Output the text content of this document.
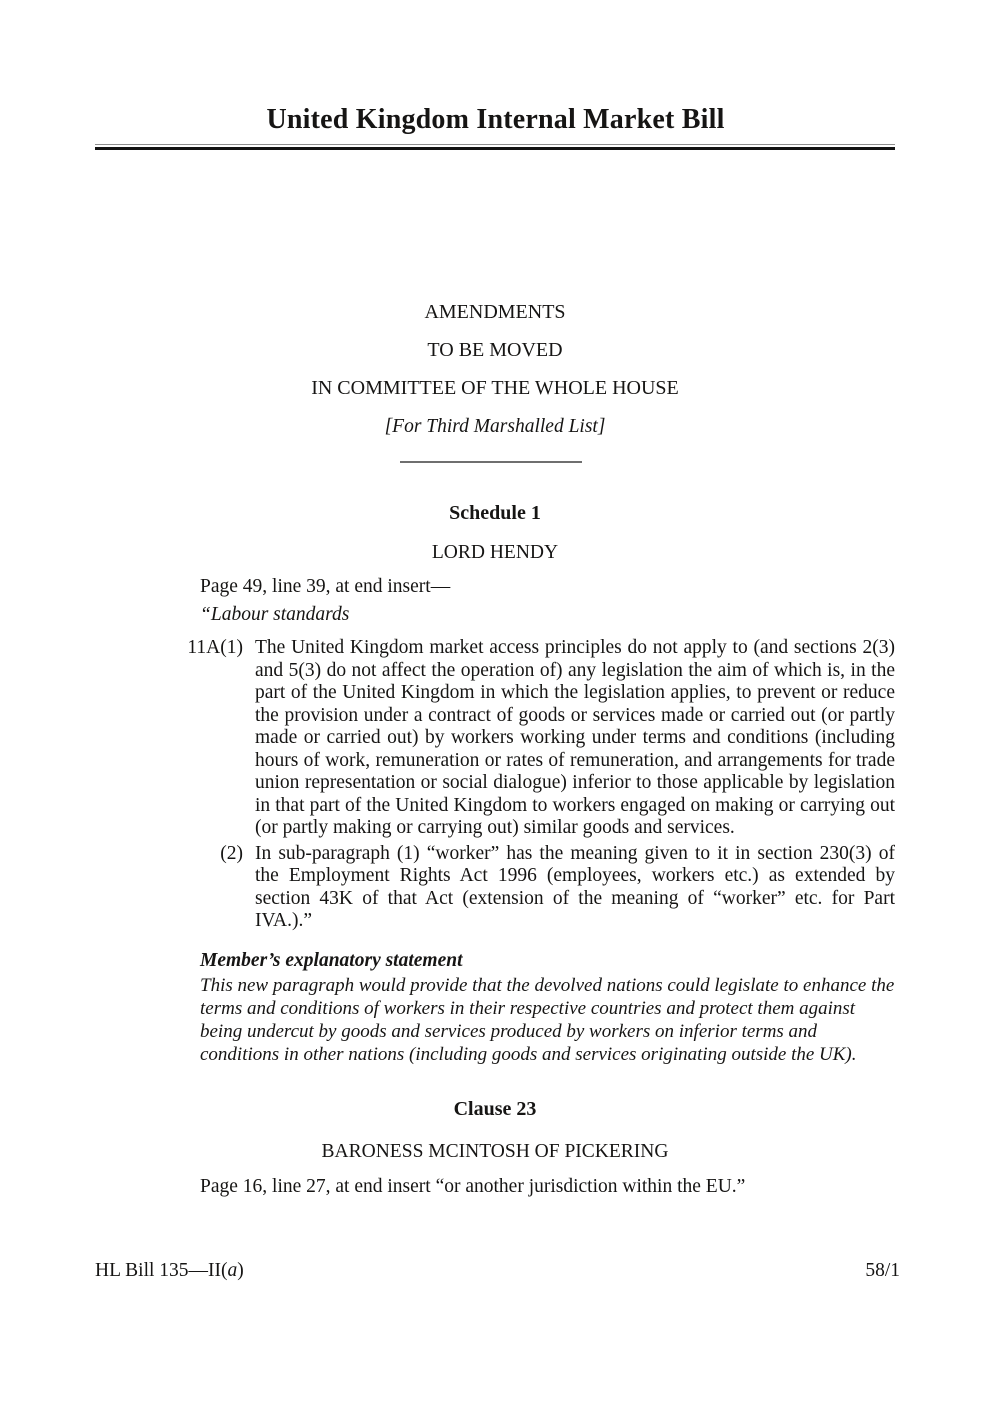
United Kingdom Internal Market Bill
AMENDMENTS
TO BE MOVED
IN COMMITTEE OF THE WHOLE HOUSE
[For Third Marshalled List]
Schedule 1
LORD HENDY
Page 49, line 39, at end insert—
“Labour standards
11A(1) The United Kingdom market access principles do not apply to (and sections 2(3) and 5(3) do not affect the operation of) any legislation the aim of which is, in the part of the United Kingdom in which the legislation applies, to prevent or reduce the provision under a contract of goods or services made or carried out (or partly made or carried out) by workers working under terms and conditions (including hours of work, remuneration or rates of remuneration, and arrangements for trade union representation or social dialogue) inferior to those applicable by legislation in that part of the United Kingdom to workers engaged on making or carrying out (or partly making or carrying out) similar goods and services.
(2) In sub-paragraph (1) “worker” has the meaning given to it in section 230(3) of the Employment Rights Act 1996 (employees, workers etc.) as extended by section 43K of that Act (extension of the meaning of “worker” etc. for Part IVA.).”
Member’s explanatory statement
This new paragraph would provide that the devolved nations could legislate to enhance the terms and conditions of workers in their respective countries and protect them against being undercut by goods and services produced by workers on inferior terms and conditions in other nations (including goods and services originating outside the UK).
Clause 23
BARONESS MCINTOSH OF PICKERING
Page 16, line 27, at end insert “or another jurisdiction within the EU.”
HL Bill 135—II(a)	58/1
